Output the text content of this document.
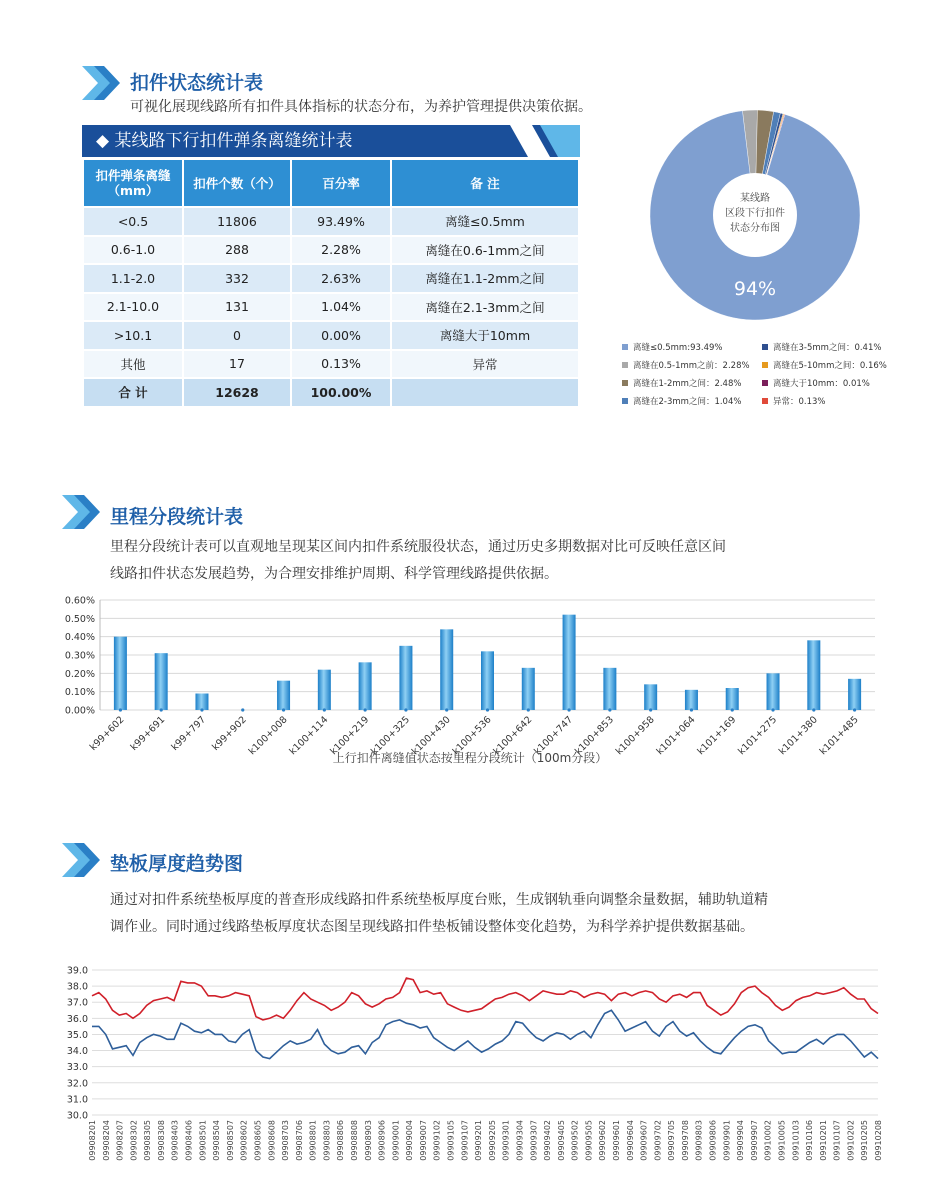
扣件状态统计表
可视化展现线路所有扣件具体指标的状态分布，为养护管理提供决策依据。
◆ 某线路下行扣件弹条离缝统计表
扣件弹条离缝（mm）	扣件个数（个）	百分率	备 注
<0.5	11806	93.49%	离缝≤0.5mm
0.6-1.0	288	2.28%	离缝在0.6-1mm之间
1.1-2.0	332	2.63%	离缝在1.1-2mm之间
2.1-10.0	131	1.04%	离缝在2.1-3mm之间
>10.1	0	0.00%	离缝大于10mm
其他	17	0.13%	异常
合 计	12628	100.00%	
某线路
区段下行扣件
状态分布图
94%
离缝≤0.5mm:93.49%
离缝在0.5-1mm之前：2.28%
离缝在1-2mm之间：2.48%
离缝在2-3mm之间：1.04%
离缝在3-5mm之间：0.41%
离缝在5-10mm之间：0.16%
离缝大于10mm：0.01%
异常：0.13%
里程分段统计表
里程分段统计表可以直观地呈现某区间内扣件系统服役状态，通过历史多期数据对比可反映任意区间
线路扣件状态发展趋势，为合理安排维护周期、科学管理线路提供依据。
0.00%
0.10%
0.20%
0.30%
0.40%
0.50%
0.60%
k99+602 k99+691 k99+797 k99+902
k100+008
k100+114
k100+219
k100+325
k100+430
k100+536
k100+642
k100+747
k100+853
k100+958
k101+064
k101+169
k101+275
k101+380
k101+485
上行扣件离缝值状态按里程分段统计（100m分段）
垫板厚度趋势图
通过对扣件系统垫板厚度的普查形成线路扣件系统垫板厚度台账，生成钢轨垂向调整余量数据，辅助轨道精
调作业。同时通过线路垫板厚度状态图呈现线路扣件垫板铺设整体变化趋势，为科学养护提供数据基础。
30.0
31.0
32.0
33.0
34.0
35.0
36.0
37.0
38.0
39.0
09908201 09908204 09908207 09908302 09908305 09908308 09908403 09908406 09908501 09908504 09908507 09908602 09908605 09908608 09908703 09908706 09908801 09908803 09908806 09908808 09908903 09908906 09909001 09909004 09909007 09909102 09909105 09909107 09909201 09909205 09909301 09909304 09909307 09909402 09909405 09909502 09909505 09909602 09909601 09909604 09909607 09909702 09909705 09909708 09909803 09909806 09909901 09909904 09909907 09910002 09910005 09910103 09910106 09910201 09910107 09910202 09910205 09910208
